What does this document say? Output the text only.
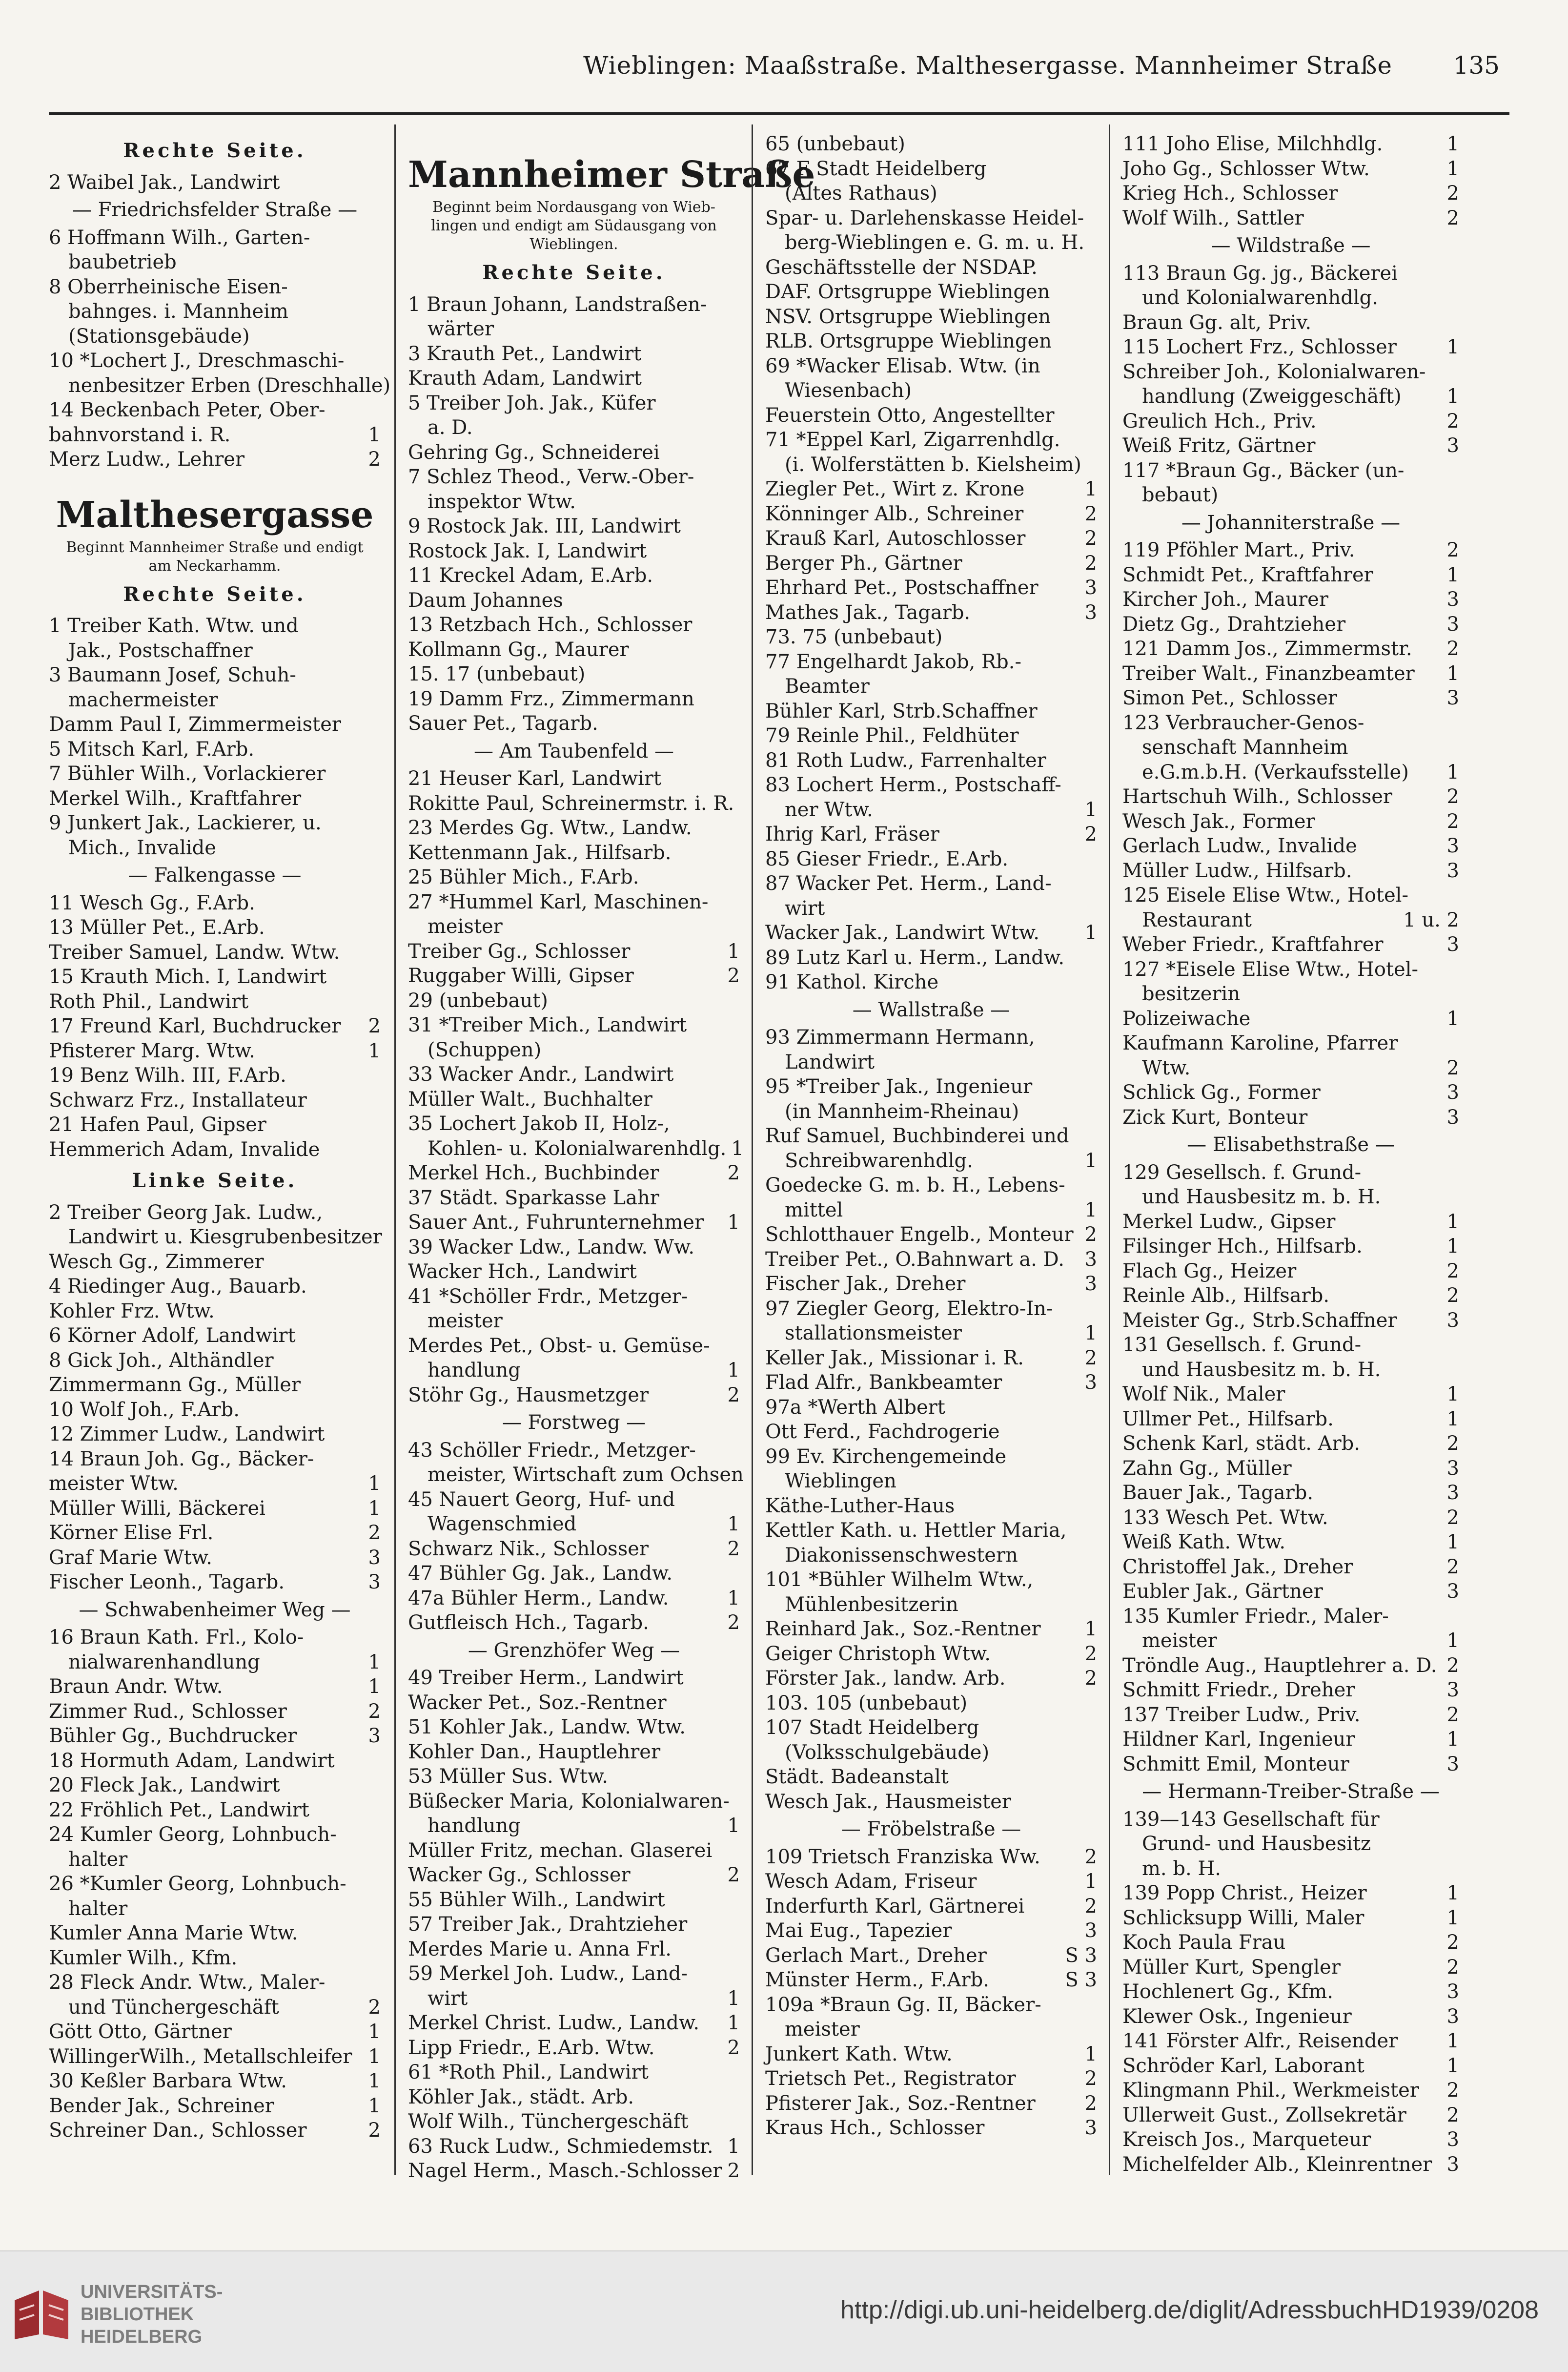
Wieblingen: Maaßstraße. Malthesergasse. Mannheimer Straße 135
Rechte Seite.
2 Waibel Jak., Landwirt
— Friedrichsfelder Straße —
6 Hoffmann Wilh., Garten-
baubetrieb
8 Oberrheinische Eisen-
bahnges. i. Mannheim
(Stationsgebäude)
10 *Lochert J., Dreschmaschi-
nenbesitzer Erben (Dreschhalle)
14 Beckenbach Peter, Ober-
bahnvorstand i. R.	1
Merz Ludw., Lehrer	2
Malthesergasse
Beginnt Mannheimer Straße und endigt
am Neckarhamm.
Rechte Seite.
1 Treiber Kath. Wtw. und
Jak., Postschaffner
3 Baumann Josef, Schuh-
machermeister
Damm Paul I, Zimmermeister
5 Mitsch Karl, F.Arb.
7 Bühler Wilh., Vorlackierer
Merkel Wilh., Kraftfahrer
9 Junkert Jak., Lackierer, u.
Mich., Invalide
— Falkengasse —
11 Wesch Gg., F.Arb.
13 Müller Pet., E.Arb.
Treiber Samuel, Landw. Wtw.
15 Krauth Mich. I, Landwirt
Roth Phil., Landwirt
17 Freund Karl, Buchdrucker 2
Pfisterer Marg. Wtw.	1
19 Benz Wilh. III, F.Arb.
Schwarz Frz., Installateur
21 Hafen Paul, Gipser
Hemmerich Adam, Invalide
Linke Seite.
2 Treiber Georg Jak. Ludw.,
Landwirt u. Kiesgrubenbesitzer
Wesch Gg., Zimmerer
4 Riedinger Aug., Bauarb.
Kohler Frz. Wtw.
6 Körner Adolf, Landwirt
8 Gick Joh., Althändler
Zimmermann Gg., Müller
10 Wolf Joh., F.Arb.
12 Zimmer Ludw., Landwirt
14 Braun Joh. Gg., Bäcker-
meister Wtw.	1
Müller Willi, Bäckerei	1
Körner Elise Frl.	2
Graf Marie Wtw.	3
Fischer Leonh., Tagarb.	3
— Schwabenheimer Weg —
16 Braun Kath. Frl., Kolo-
nialwarenhandlung	1
Braun Andr. Wtw.	1
Zimmer Rud., Schlosser	2
Bühler Gg., Buchdrucker	3
18 Hormuth Adam, Landwirt
20 Fleck Jak., Landwirt
22 Fröhlich Pet., Landwirt
24 Kumler Georg, Lohnbuch-
halter
26 *Kumler Georg, Lohnbuch-
halter
Kumler Anna Marie Wtw.
Kumler Wilh., Kfm.
28 Fleck Andr. Wtw., Maler-
und Tünchergeschäft	2
Gött Otto, Gärtner	1
WillingerWilh., Metallschleifer 1
30 Keßler Barbara Wtw.	1
Bender Jak., Schreiner	1
Schreiner Dan., Schlosser	2
Mannheimer Straße
Beginnt beim Nordausgang von Wieb-
lingen und endigt am Südausgang von
Wieblingen.
Rechte Seite.
1 Braun Johann, Landstraßen-
wärter
3 Krauth Pet., Landwirt
Krauth Adam, Landwirt
5 Treiber Joh. Jak., Küfer
a. D.
Gehring Gg., Schneiderei
7 Schlez Theod., Verw.-Ober-
inspektor Wtw.
9 Rostock Jak. III, Landwirt
Rostock Jak. I, Landwirt
11 Kreckel Adam, E.Arb.
Daum Johannes
13 Retzbach Hch., Schlosser
Kollmann Gg., Maurer
15. 17 (unbebaut)
19 Damm Frz., Zimmermann
Sauer Pet., Tagarb.
— Am Taubenfeld —
21 Heuser Karl, Landwirt
Rokitte Paul, Schreinermstr. i. R.
23 Merdes Gg. Wtw., Landw.
Kettenmann Jak., Hilfsarb.
25 Bühler Mich., F.Arb.
27 *Hummel Karl, Maschinen-
meister
Treiber Gg., Schlosser	1
Ruggaber Willi, Gipser	2
29 (unbebaut)
31 *Treiber Mich., Landwirt
(Schuppen)
33 Wacker Andr., Landwirt
Müller Walt., Buchhalter
35 Lochert Jakob II, Holz-,
Kohlen- u. Kolonialwarenhdlg. 1
Merkel Hch., Buchbinder	2
37 Städt. Sparkasse Lahr
Sauer Ant., Fuhrunternehmer 1
39 Wacker Ldw., Landw. Ww.
Wacker Hch., Landwirt
41 *Schöller Frdr., Metzger-
meister
Merdes Pet., Obst- u. Gemüse-
handlung	1
Stöhr Gg., Hausmetzger	2
— Forstweg —
43 Schöller Friedr., Metzger-
meister, Wirtschaft zum Ochsen
45 Nauert Georg, Huf- und
Wagenschmied	1
Schwarz Nik., Schlosser	2
47 Bühler Gg. Jak., Landw.
47a Bühler Herm., Landw.	1
Gutfleisch Hch., Tagarb.	2
— Grenzhöfer Weg —
49 Treiber Herm., Landwirt
Wacker Pet., Soz.-Rentner
51 Kohler Jak., Landw. Wtw.
Kohler Dan., Hauptlehrer
53 Müller Sus. Wtw.
Büßecker Maria, Kolonialwaren-
handlung	1
Müller Fritz, mechan. Glaserei
Wacker Gg., Schlosser	2
55 Bühler Wilh., Landwirt
57 Treiber Jak., Drahtzieher
Merdes Marie u. Anna Frl.
59 Merkel Joh. Ludw., Land-
wirt	1
Merkel Christ. Ludw., Landw. 1
Lipp Friedr., E.Arb. Wtw.	2
61 *Roth Phil., Landwirt
Köhler Jak., städt. Arb.
Wolf Wilh., Tünchergeschäft
63 Ruck Ludw., Schmiedemstr. 1
Nagel Herm., Masch.-Schlosser 2
65 (unbebaut)
67 F Stadt Heidelberg
(Altes Rathaus)
Spar- u. Darlehenskasse Heidel-
berg-Wieblingen e. G. m. u. H.
Geschäftsstelle der NSDAP.
DAF. Ortsgruppe Wieblingen
NSV. Ortsgruppe Wieblingen
RLB. Ortsgruppe Wieblingen
69 *Wacker Elisab. Wtw. (in
Wiesenbach)
Feuerstein Otto, Angestellter
71 *Eppel Karl, Zigarrenhdlg.
(i. Wolferstätten b. Kielsheim)
Ziegler Pet., Wirt z. Krone	1
Könninger Alb., Schreiner	2
Krauß Karl, Autoschlosser	2
Berger Ph., Gärtner	2
Ehrhard Pet., Postschaffner 3
Mathes Jak., Tagarb.	3
73. 75 (unbebaut)
77 Engelhardt Jakob, Rb.-
Beamter
Bühler Karl, Strb.Schaffner
79 Reinle Phil., Feldhüter
81 Roth Ludw., Farrenhalter
83 Lochert Herm., Postschaff-
ner Wtw.	1
Ihrig Karl, Fräser	2
85 Gieser Friedr., E.Arb.
87 Wacker Pet. Herm., Land-
wirt
Wacker Jak., Landwirt Wtw. 1
89 Lutz Karl u. Herm., Landw.
91 Kathol. Kirche
— Wallstraße —
93 Zimmermann Hermann,
Landwirt
95 *Treiber Jak., Ingenieur
(in Mannheim-Rheinau)
Ruf Samuel, Buchbinderei und
Schreibwarenhdlg.	1
Goedecke G. m. b. H., Lebens-
mittel	1
Schlotthauer Engelb., Monteur 2
Treiber Pet., O.Bahnwart a. D. 3
Fischer Jak., Dreher	3
97 Ziegler Georg, Elektro-In-
stallationsmeister	1
Keller Jak., Missionar i. R.	2
Flad Alfr., Bankbeamter	3
97a *Werth Albert
Ott Ferd., Fachdrogerie
99 Ev. Kirchengemeinde
Wieblingen
Käthe-Luther-Haus
Kettler Kath. u. Hettler Maria,
Diakonissenschwestern
101 *Bühler Wilhelm Wtw.,
Mühlenbesitzerin
Reinhard Jak., Soz.-Rentner 1
Geiger Christoph Wtw.	2
Förster Jak., landw. Arb.	2
103. 105 (unbebaut)
107 Stadt Heidelberg
(Volksschulgebäude)
Städt. Badeanstalt
Wesch Jak., Hausmeister
— Fröbelstraße —
109 Trietsch Franziska Ww. 2
Wesch Adam, Friseur	1
Inderfurth Karl, Gärtnerei	2
Mai Eug., Tapezier	3
Gerlach Mart., Dreher	S 3
Münster Herm., F.Arb.	S 3
109a *Braun Gg. II, Bäcker-
meister
Junkert Kath. Wtw.	1
Trietsch Pet., Registrator	2
Pfisterer Jak., Soz.-Rentner	2
Kraus Hch., Schlosser	3
111 Joho Elise, Milchhdlg.	1
Joho Gg., Schlosser Wtw.	1
Krieg Hch., Schlosser	2
Wolf Wilh., Sattler	2
— Wildstraße —
113 Braun Gg. jg., Bäckerei
und Kolonialwarenhdlg.
Braun Gg. alt, Priv.
115 Lochert Frz., Schlosser	1
Schreiber Joh., Kolonialwaren-
handlung (Zweiggeschäft) 1
Greulich Hch., Priv.	2
Weiß Fritz, Gärtner	3
117 *Braun Gg., Bäcker (un-
bebaut)
— Johanniterstraße —
119 Pföhler Mart., Priv.	2
Schmidt Pet., Kraftfahrer	1
Kircher Joh., Maurer	3
Dietz Gg., Drahtzieher	3
121 Damm Jos., Zimmermstr. 2
Treiber Walt., Finanzbeamter 1
Simon Pet., Schlosser	3
123 Verbraucher-Genos-
senschaft Mannheim
e.G.m.b.H. (Verkaufsstelle) 1
Hartschuh Wilh., Schlosser	2
Wesch Jak., Former	2
Gerlach Ludw., Invalide	3
Müller Ludw., Hilfsarb.	3
125 Eisele Elise Wtw., Hotel-
Restaurant	1 u. 2
Weber Friedr., Kraftfahrer	3
127 *Eisele Elise Wtw., Hotel-
besitzerin
Polizeiwache	1
Kaufmann Karoline, Pfarrer
Wtw.	2
Schlick Gg., Former	3
Zick Kurt, Bonteur	3
— Elisabethstraße —
129 Gesellsch. f. Grund-
und Hausbesitz m. b. H.
Merkel Ludw., Gipser	1
Filsinger Hch., Hilfsarb.	1
Flach Gg., Heizer	2
Reinle Alb., Hilfsarb.	2
Meister Gg., Strb.Schaffner	3
131 Gesellsch. f. Grund-
und Hausbesitz m. b. H.
Wolf Nik., Maler	1
Ullmer Pet., Hilfsarb.	1
Schenk Karl, städt. Arb.	2
Zahn Gg., Müller	3
Bauer Jak., Tagarb.	3
133 Wesch Pet. Wtw.	2
Weiß Kath. Wtw.	1
Christoffel Jak., Dreher	2
Eubler Jak., Gärtner	3
135 Kumler Friedr., Maler-
meister	1
Tröndle Aug., Hauptlehrer a. D. 2
Schmitt Friedr., Dreher	3
137 Treiber Ludw., Priv.	2
Hildner Karl, Ingenieur	1
Schmitt Emil, Monteur	3
— Hermann-Treiber-Straße —
139—143 Gesellschaft für
Grund- und Hausbesitz
m. b. H.
139 Popp Christ., Heizer	1
Schlicksupp Willi, Maler	1
Koch Paula Frau	2
Müller Kurt, Spengler	2
Hochlenert Gg., Kfm.	3
Klewer Osk., Ingenieur	3
141 Förster Alfr., Reisender	1
Schröder Karl, Laborant	1
Klingmann Phil., Werkmeister 2
Ullerweit Gust., Zollsekretär 2
Kreisch Jos., Marqueteur	3
Michelfelder Alb., Kleinrentner 3
UNIVERSITÄTS-
BIBLIOTHEK
HEIDELBERG
http://digi.ub.uni-heidelberg.de/diglit/AdressbuchHD1939/0208
